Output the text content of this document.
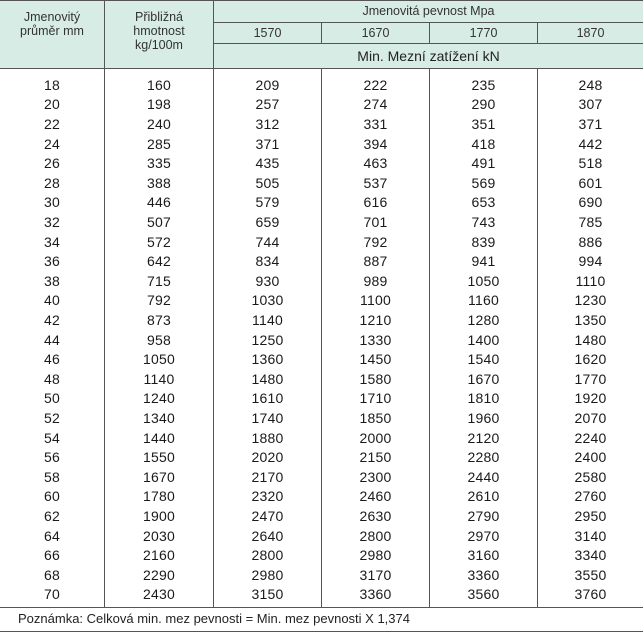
Jmenovitý
průměr mm
Přibližná
hmotnost
kg/100m
Jmenovitá pevnost Mpa
1570	1670	1770	1870
Min. Mezní zatížení kN
18	160	209	222	235	248
20	198	257	274	290	307
22	240	312	331	351	371
24	285	371	394	418	442
26	335	435	463	491	518
28	388	505	537	569	601
30	446	579	616	653	690
32	507	659	701	743	785
34	572	744	792	839	886
36	642	834	887	941	994
38	715	930	989	1050	1110
40	792	1030	1100	1160	1230
42	873	1140	1210	1280	1350
44	958	1250	1330	1400	1480
46	1050	1360	1450	1540	1620
48	1140	1480	1580	1670	1770
50	1240	1610	1710	1810	1920
52	1340	1740	1850	1960	2070
54	1440	1880	2000	2120	2240
56	1550	2020	2150	2280	2400
58	1670	2170	2300	2440	2580
60	1780	2320	2460	2610	2760
62	1900	2470	2630	2790	2950
64	2030	2640	2800	2970	3140
66	2160	2800	2980	3160	3340
68	2290	2980	3170	3360	3550
70	2430	3150	3360	3560	3760
Poznámka: Celková min. mez pevnosti = Min. mez pevnosti X 1,374
